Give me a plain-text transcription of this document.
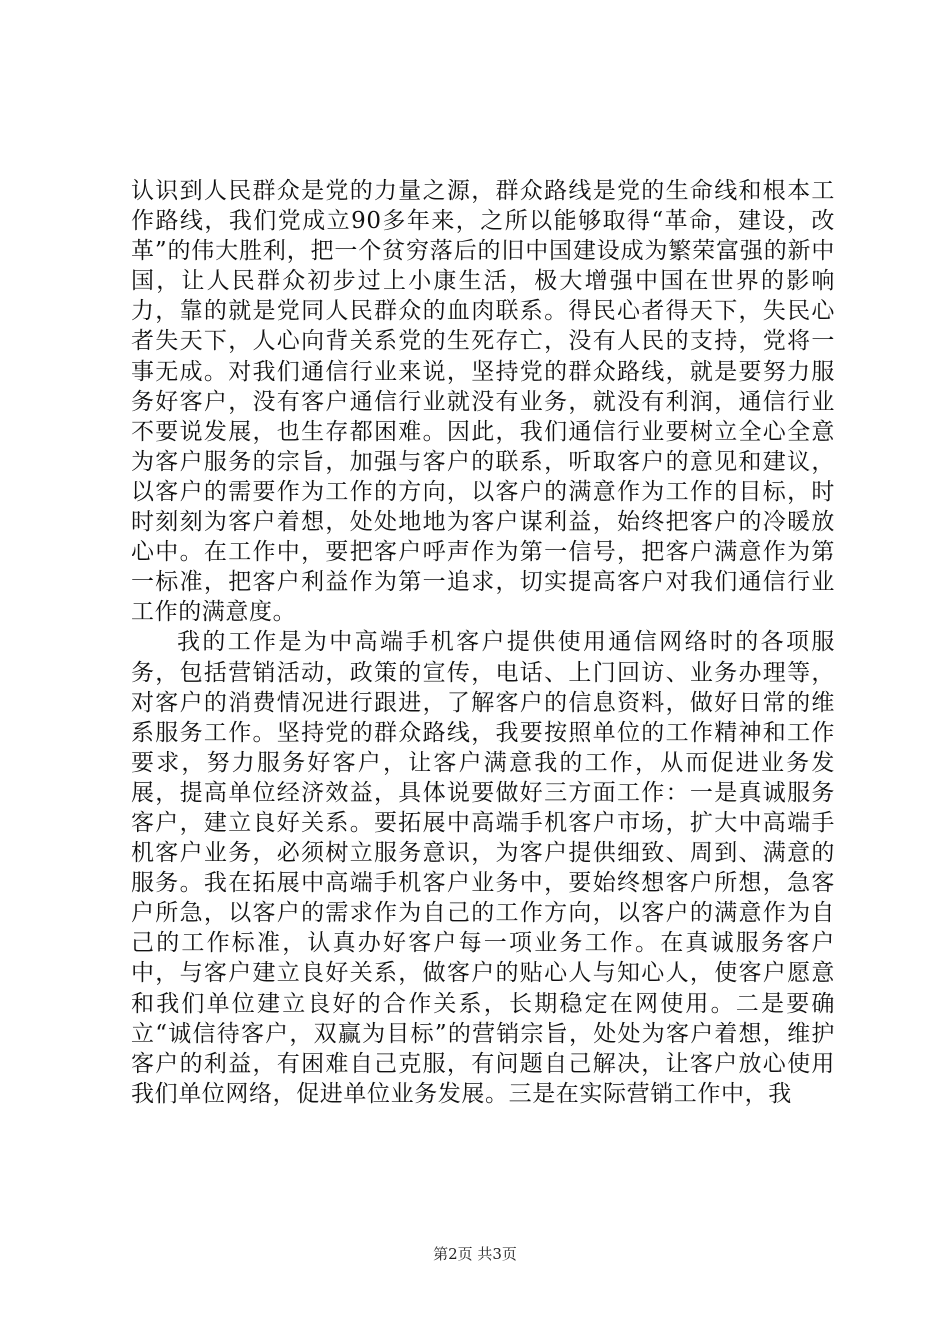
认识到人民群众是党的力量之源，群众路线是党的生命线和根本工作路线，我们党成立90多年来，之所以能够取得“革命，建设，改革”的伟大胜利，把一个贫穷落后的旧中国建设成为繁荣富强的新中国，让人民群众初步过上小康生活，极大增强中国在世界的影响力，靠的就是党同人民群众的血肉联系。得民心者得天下，失民心者失天下，人心向背关系党的生死存亡，没有人民的支持，党将一事无成。对我们通信行业来说，坚持党的群众路线，就是要努力服务好客户，没有客户通信行业就没有业务，就没有利润，通信行业不要说发展，也生存都困难。因此，我们通信行业要树立全心全意为客户服务的宗旨，加强与客户的联系，听取客户的意见和建议，以客户的需要作为工作的方向，以客户的满意作为工作的目标，时时刻刻为客户着想，处处地地为客户谋利益，始终把客户的冷暖放心中。在工作中，要把客户呼声作为第一信号，把客户满意作为第一标准，把客户利益作为第一追求，切实提高客户对我们通信行业工作的满意度。

我的工作是为中高端手机客户提供使用通信网络时的各项服务，包括营销活动，政策的宣传，电话、上门回访、业务办理等，对客户的消费情况进行跟进，了解客户的信息资料，做好日常的维系服务工作。坚持党的群众路线，我要按照单位的工作精神和工作要求，努力服务好客户，让客户满意我的工作，从而促进业务发展，提高单位经济效益，具体说要做好三方面工作：一是真诚服务客户，建立良好关系。要拓展中高端手机客户市场，扩大中高端手机客户业务，必须树立服务意识，为客户提供细致、周到、满意的服务。我在拓展中高端手机客户业务中，要始终想客户所想，急客户所急，以客户的需求作为自己的工作方向，以客户的满意作为自己的工作标准，认真办好客户每一项业务工作。在真诚服务客户中，与客户建立良好关系，做客户的贴心人与知心人，使客户愿意和我们单位建立良好的合作关系，长期稳定在网使用。二是要确立“诚信待客户，双赢为目标”的营销宗旨，处处为客户着想，维护客户的利益，有困难自己克服，有问题自己解决，让客户放心使用我们单位网络，促进单位业务发展。三是在实际营销工作中，我

第2页 共3页
